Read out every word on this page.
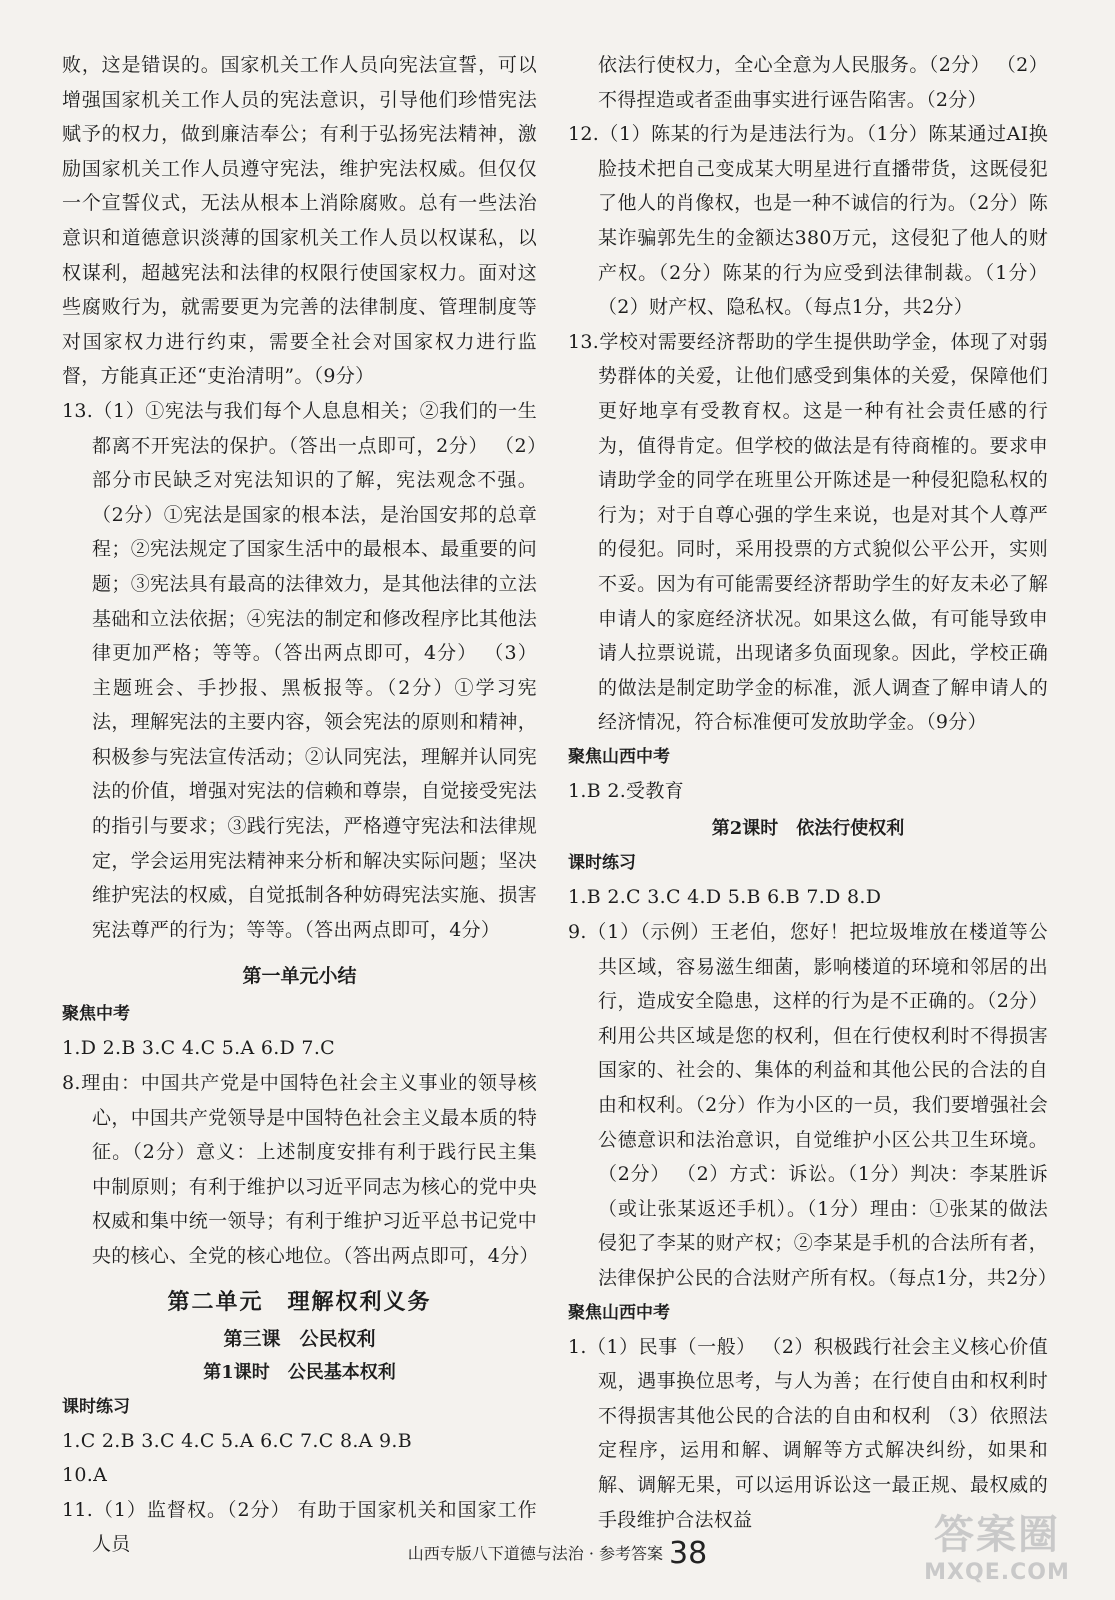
败，这是错误的。国家机关工作人员向宪法宣誓，可以增强国家机关工作人员的宪法意识，引导他们珍惜宪法赋予的权力，做到廉洁奉公；有利于弘扬宪法精神，激励国家机关工作人员遵守宪法，维护宪法权威。但仅仅一个宣誓仪式，无法从根本上消除腐败。总有一些法治意识和道德意识淡薄的国家机关工作人员以权谋私，以权谋利，超越宪法和法律的权限行使国家权力。面对这些腐败行为，就需要更为完善的法律制度、管理制度等对国家权力进行约束，需要全社会对国家权力进行监督，方能真正还“吏治清明”。（9分）

13.（1）①宪法与我们每个人息息相关；②我们的一生都离不开宪法的保护。（答出一点即可，2分） （2）部分市民缺乏对宪法知识的了解，宪法观念不强。（2分）①宪法是国家的根本法，是治国安邦的总章程；②宪法规定了国家生活中的最根本、最重要的问题；③宪法具有最高的法律效力，是其他法律的立法基础和立法依据；④宪法的制定和修改程序比其他法律更加严格；等等。（答出两点即可，4分） （3）主题班会、手抄报、黑板报等。（2分）①学习宪法，理解宪法的主要内容，领会宪法的原则和精神，积极参与宪法宣传活动；②认同宪法，理解并认同宪法的价值，增强对宪法的信赖和尊崇，自觉接受宪法的指引与要求；③践行宪法，严格遵守宪法和法律规定，学会运用宪法精神来分析和解决实际问题；坚决维护宪法的权威，自觉抵制各种妨碍宪法实施、损害宪法尊严的行为；等等。（答出两点即可，4分）

第一单元小结

聚焦中考

1.D 2.B 3.C 4.C 5.A 6.D 7.C

8.理由：中国共产党是中国特色社会主义事业的领导核心，中国共产党领导是中国特色社会主义最本质的特征。（2分）意义：上述制度安排有利于践行民主集中制原则；有利于维护以习近平同志为核心的党中央权威和集中统一领导；有利于维护习近平总书记党中央的核心、全党的核心地位。（答出两点即可，4分）

第二单元　理解权利义务

第三课　公民权利

第1课时　公民基本权利

课时练习

1.C 2.B 3.C 4.C 5.A 6.C 7.C 8.A 9.B

10.A

11.（1）监督权。（2分） 有助于国家机关和国家工作人员

依法行使权力，全心全意为人民服务。（2分） （2）不得捏造或者歪曲事实进行诬告陷害。（2分）

12.（1）陈某的行为是违法行为。（1分）陈某通过AI换脸技术把自己变成某大明星进行直播带货，这既侵犯了他人的肖像权，也是一种不诚信的行为。（2分）陈某诈骗郭先生的金额达380万元，这侵犯了他人的财产权。（2分）陈某的行为应受到法律制裁。（1分） （2）财产权、隐私权。（每点1分，共2分）

13.学校对需要经济帮助的学生提供助学金，体现了对弱势群体的关爱，让他们感受到集体的关爱，保障他们更好地享有受教育权。这是一种有社会责任感的行为，值得肯定。但学校的做法是有待商榷的。要求申请助学金的同学在班里公开陈述是一种侵犯隐私权的行为；对于自尊心强的学生来说，也是对其个人尊严的侵犯。同时，采用投票的方式貌似公平公开，实则不妥。因为有可能需要经济帮助学生的好友未必了解申请人的家庭经济状况。如果这么做，有可能导致申请人拉票说谎，出现诸多负面现象。因此，学校正确的做法是制定助学金的标准，派人调查了解申请人的经济情况，符合标准便可发放助学金。（9分）

聚焦山西中考

1.B 2.受教育

第2课时　依法行使权利

课时练习

1.B 2.C 3.C 4.D 5.B 6.B 7.D 8.D

9.（1）（示例）王老伯，您好！把垃圾堆放在楼道等公共区域，容易滋生细菌，影响楼道的环境和邻居的出行，造成安全隐患，这样的行为是不正确的。（2分）利用公共区域是您的权利，但在行使权利时不得损害国家的、社会的、集体的利益和其他公民的合法的自由和权利。（2分）作为小区的一员，我们要增强社会公德意识和法治意识，自觉维护小区公共卫生环境。（2分） （2）方式：诉讼。（1分）判决：李某胜诉（或让张某返还手机）。（1分）理由：①张某的做法侵犯了李某的财产权；②李某是手机的合法所有者，法律保护公民的合法财产所有权。（每点1分，共2分）

聚焦山西中考

1.（1）民事（一般） （2）积极践行社会主义核心价值观，遇事换位思考，与人为善；在行使自由和权利时不得损害其他公民的合法的自由和权利 （3）依照法定程序，运用和解、调解等方式解决纠纷，如果和解、调解无果，可以运用诉讼这一最正规、最权威的手段维护合法权益

山西专版八下道德与法治 · 参考答案 38	答案圈
MXQE.COM
